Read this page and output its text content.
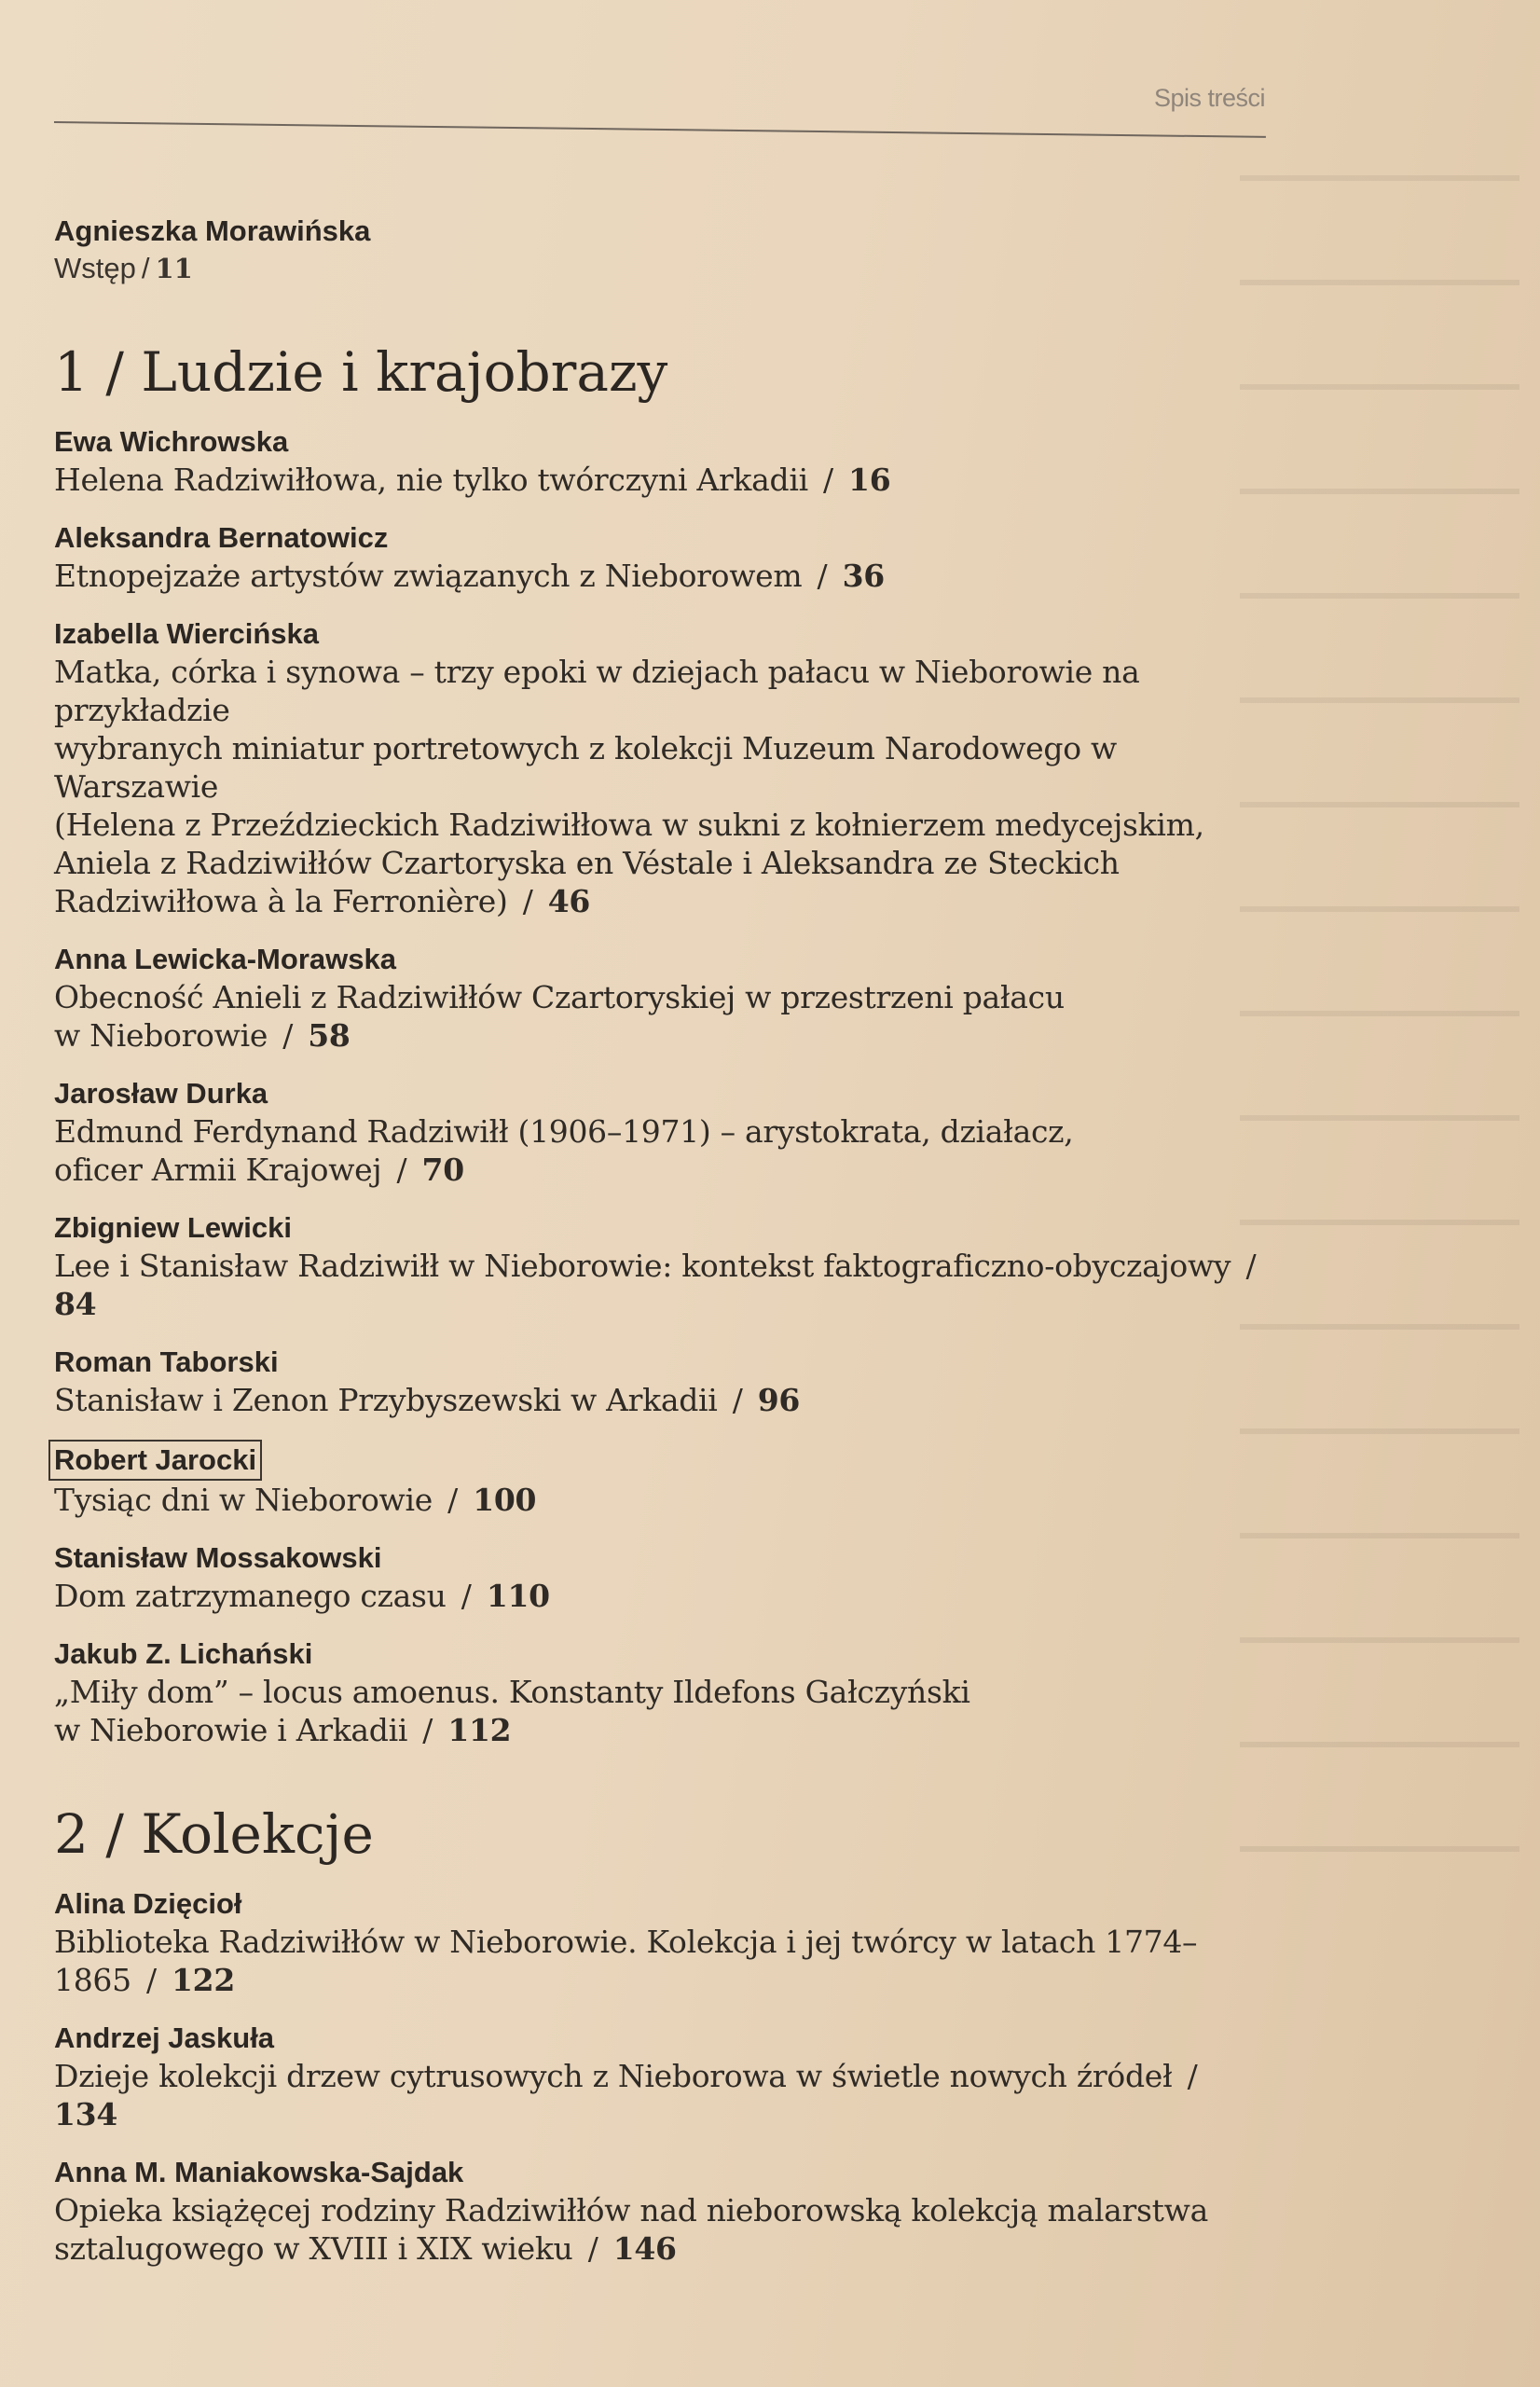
Spis treści
Agnieszka Morawińska
Wstęp / 11
1 / Ludzie i krajobrazy
Ewa Wichrowska
Helena Radziwiłłowa, nie tylko twórczyni Arkadii / 16
Aleksandra Bernatowicz
Etnopejzaże artystów związanych z Nieborowem / 36
Izabella Wiercińska
Matka, córka i synowa – trzy epoki w dziejach pałacu w Nieborowie na przykładzie
wybranych miniatur portretowych z kolekcji Muzeum Narodowego w Warszawie
(Helena z Przeździeckich Radziwiłłowa w sukni z kołnierzem medycejskim,
Aniela z Radziwiłłów Czartoryska en Véstale i Aleksandra ze Steckich
Radziwiłłowa à la Ferronière) / 46
Anna Lewicka-Morawska
Obecność Anieli z Radziwiłłów Czartoryskiej w przestrzeni pałacu
w Nieborowie / 58
Jarosław Durka
Edmund Ferdynand Radziwiłł (1906–1971) – arystokrata, działacz,
oficer Armii Krajowej / 70
Zbigniew Lewicki
Lee i Stanisław Radziwiłł w Nieborowie: kontekst faktograficzno-obyczajowy / 84
Roman Taborski
Stanisław i Zenon Przybyszewski w Arkadii / 96
Robert Jarocki
Tysiąc dni w Nieborowie / 100
Stanisław Mossakowski
Dom zatrzymanego czasu / 110
Jakub Z. Lichański
„Miły dom” – locus amoenus. Konstanty Ildefons Gałczyński
w Nieborowie i Arkadii / 112
2 / Kolekcje
Alina Dzięcioł
Biblioteka Radziwiłłów w Nieborowie. Kolekcja i jej twórcy w latach 1774–1865 / 122
Andrzej Jaskuła
Dzieje kolekcji drzew cytrusowych z Nieborowa w świetle nowych źródeł / 134
Anna M. Maniakowska-Sajdak
Opieka książęcej rodziny Radziwiłłów nad nieborowską kolekcją malarstwa
sztalugowego w XVIII i XIX wieku / 146
